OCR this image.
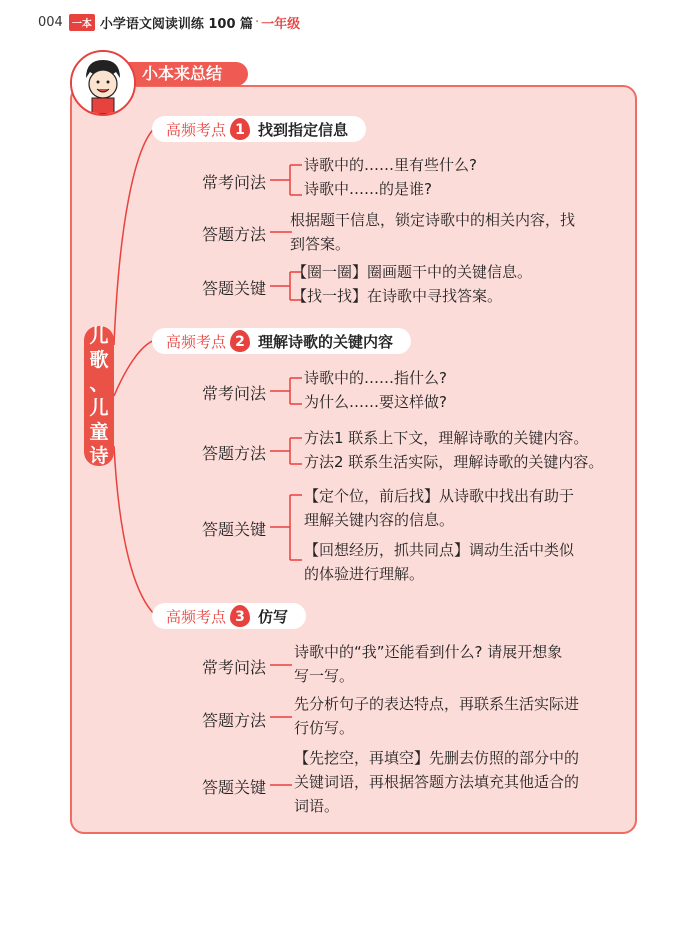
004 一本 小学语文阅读训练 100 篇 · 一年级
小本来总结
儿
歌
、
儿
童
诗
高频考点 1 找到指定信息
常考问法
诗歌中的……里有些什么?
诗歌中……的是谁?
答题方法
根据题干信息，锁定诗歌中的相关内容，找
到答案。
答题关键
【圈一圈】圈画题干中的关键信息。
【找一找】在诗歌中寻找答案。
高频考点 2 理解诗歌的关键内容
常考问法
诗歌中的……指什么?
为什么……要这样做?
答题方法
方法1 联系上下文，理解诗歌的关键内容。
方法2 联系生活实际，理解诗歌的关键内容。
答题关键
【定个位，前后找】从诗歌中找出有助于
理解关键内容的信息。
【回想经历，抓共同点】调动生活中类似
的体验进行理解。
高频考点 3 仿写
常考问法
诗歌中的“我”还能看到什么? 请展开想象
写一写。
答题方法
先分析句子的表达特点，再联系生活实际进
行仿写。
答题关键
【先挖空，再填空】先删去仿照的部分中的
关键词语，再根据答题方法填充其他适合的
词语。
